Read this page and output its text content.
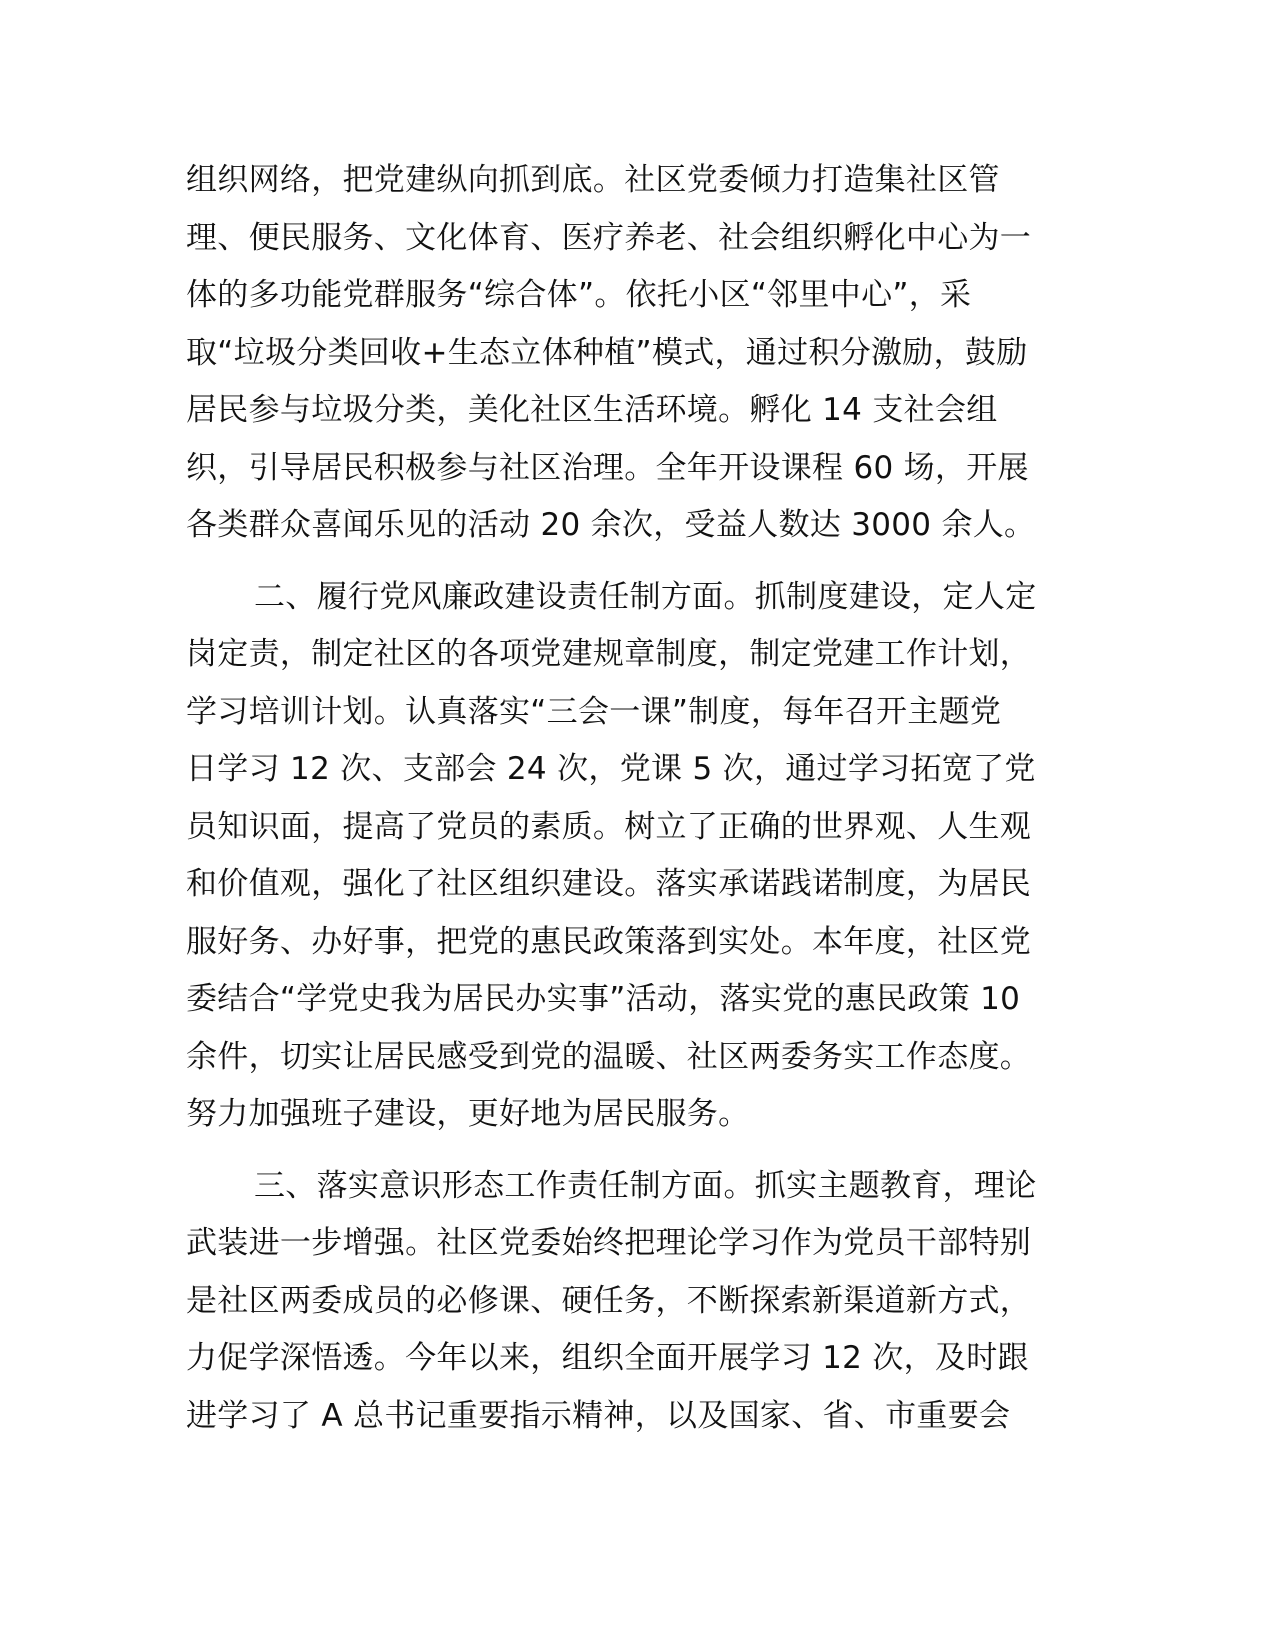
组织网络，把党建纵向抓到底。社区党委倾力打造集社区管
理、便民服务、文化体育、医疗养老、社会组织孵化中心为一
体的多功能党群服务“综合体”。依托小区“邻里中心”，采
取“垃圾分类回收+生态立体种植”模式，通过积分激励，鼓励
居民参与垃圾分类，美化社区生活环境。孵化 14 支社会组
织，引导居民积极参与社区治理。全年开设课程 60 场，开展
各类群众喜闻乐见的活动 20 余次，受益人数达 3000 余人。
二、履行党风廉政建设责任制方面。抓制度建设，定人定
岗定责，制定社区的各项党建规章制度，制定党建工作计划，
学习培训计划。认真落实“三会一课”制度，每年召开主题党
日学习 12 次、支部会 24 次，党课 5 次，通过学习拓宽了党
员知识面，提高了党员的素质。树立了正确的世界观、人生观
和价值观，强化了社区组织建设。落实承诺践诺制度，为居民
服好务、办好事，把党的惠民政策落到实处。本年度，社区党
委结合“学党史我为居民办实事”活动，落实党的惠民政策 10
余件，切实让居民感受到党的温暖、社区两委务实工作态度。
努力加强班子建设，更好地为居民服务。
三、落实意识形态工作责任制方面。抓实主题教育，理论
武装进一步增强。社区党委始终把理论学习作为党员干部特别
是社区两委成员的必修课、硬任务，不断探索新渠道新方式，
力促学深悟透。今年以来，组织全面开展学习 12 次，及时跟
进学习了 A 总书记重要指示精神，以及国家、省、市重要会
